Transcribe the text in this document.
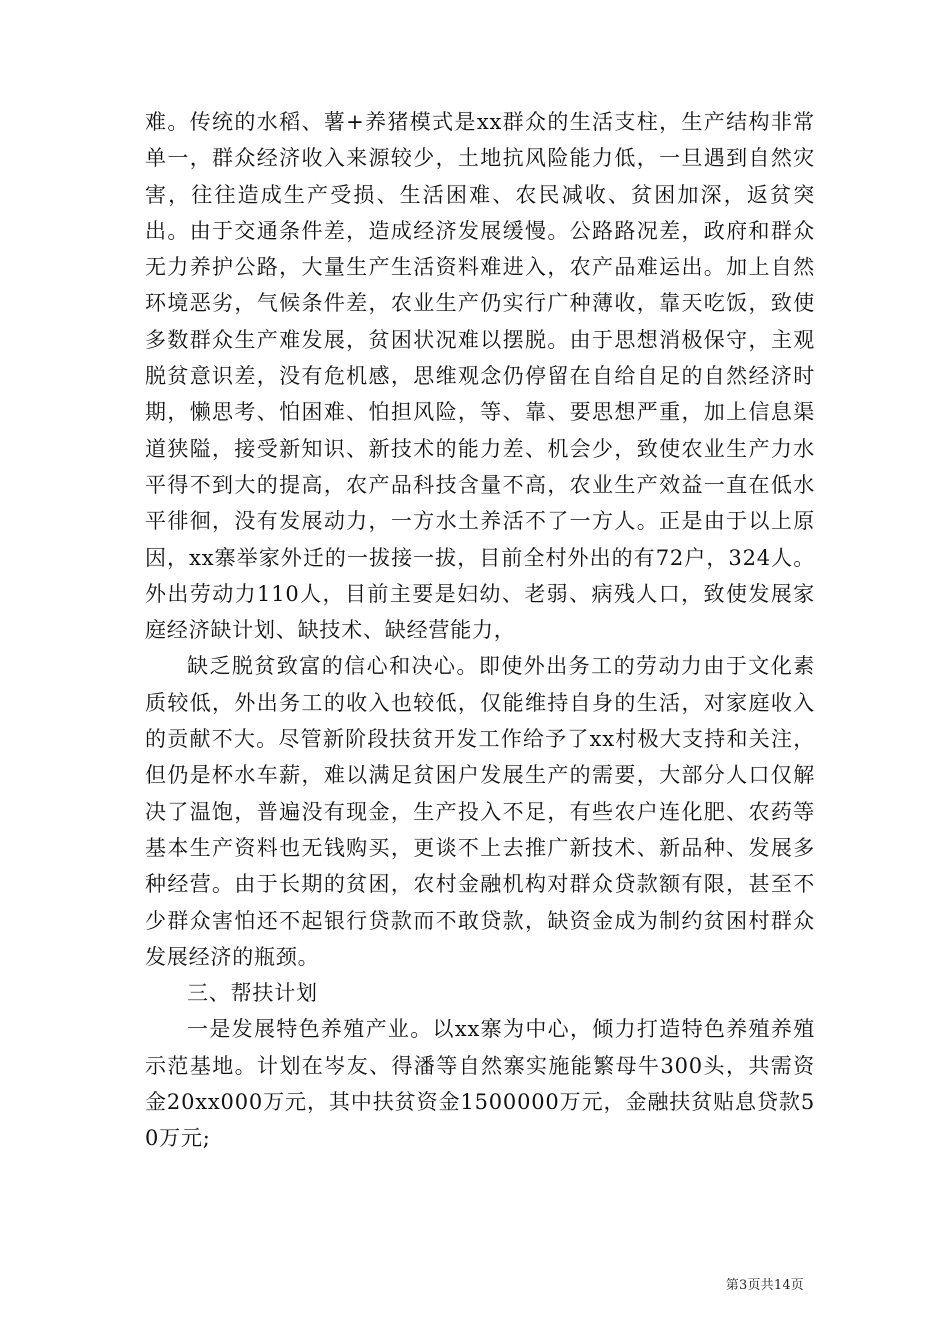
难。传统的水稻、薯+养猪模式是xx群众的生活支柱，生产结构非常单一，群众经济收入来源较少，土地抗风险能力低，一旦遇到自然灾害，往往造成生产受损、生活困难、农民减收、贫困加深，返贫突出。由于交通条件差，造成经济发展缓慢。公路路况差，政府和群众无力养护公路，大量生产生活资料难进入，农产品难运出。加上自然环境恶劣，气候条件差，农业生产仍实行广种薄收，靠天吃饭，致使多数群众生产难发展，贫困状况难以摆脱。由于思想消极保守，主观脱贫意识差，没有危机感，思维观念仍停留在自给自足的自然经济时期，懒思考、怕困难、怕担风险，等、靠、要思想严重，加上信息渠道狭隘，接受新知识、新技术的能力差、机会少，致使农业生产力水平得不到大的提高，农产品科技含量不高，农业生产效益一直在低水平徘徊，没有发展动力，一方水土养活不了一方人。正是由于以上原因，xx寨举家外迁的一拔接一拔，目前全村外出的有72户，324人。外出劳动力110人，目前主要是妇幼、老弱、病残人口，致使发展家庭经济缺计划、缺技术、缺经营能力，

缺乏脱贫致富的信心和决心。即使外出务工的劳动力由于文化素质较低，外出务工的收入也较低，仅能维持自身的生活，对家庭收入的贡献不大。尽管新阶段扶贫开发工作给予了xx村极大支持和关注，但仍是杯水车薪，难以满足贫困户发展生产的需要，大部分人口仅解决了温饱，普遍没有现金，生产投入不足，有些农户连化肥、农药等基本生产资料也无钱购买，更谈不上去推广新技术、新品种、发展多种经营。由于长期的贫困，农村金融机构对群众贷款额有限，甚至不少群众害怕还不起银行贷款而不敢贷款，缺资金成为制约贫困村群众发展经济的瓶颈。

三、帮扶计划

一是发展特色养殖产业。以xx寨为中心，倾力打造特色养殖养殖示范基地。计划在岑友、得潘等自然寨实施能繁母牛300头，共需资金20xx000万元，其中扶贫资金1500000万元，金融扶贫贴息贷款50万元;

第3页共14页
